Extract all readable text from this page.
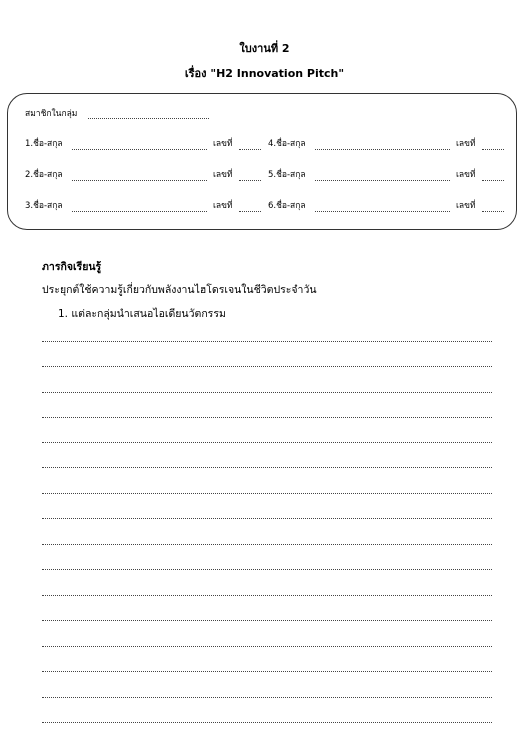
ใบงานที่ 2
เรื่อง "H2 Innovation Pitch"
สมาชิกในกลุ่ม
1.ชื่อ-สกุล	เลขที่
2.ชื่อ-สกุล	เลขที่
3.ชื่อ-สกุล	เลขที่
4.ชื่อ-สกุล	เลขที่
5.ชื่อ-สกุล	เลขที่
6.ชื่อ-สกุล	เลขที่
ภารกิจเรียนรู้
ประยุกต์ใช้ความรู้เกี่ยวกับพลังงานไฮโดรเจนในชีวิตประจำวัน
1. แต่ละกลุ่มนำเสนอไอเดียนวัตกรรม
